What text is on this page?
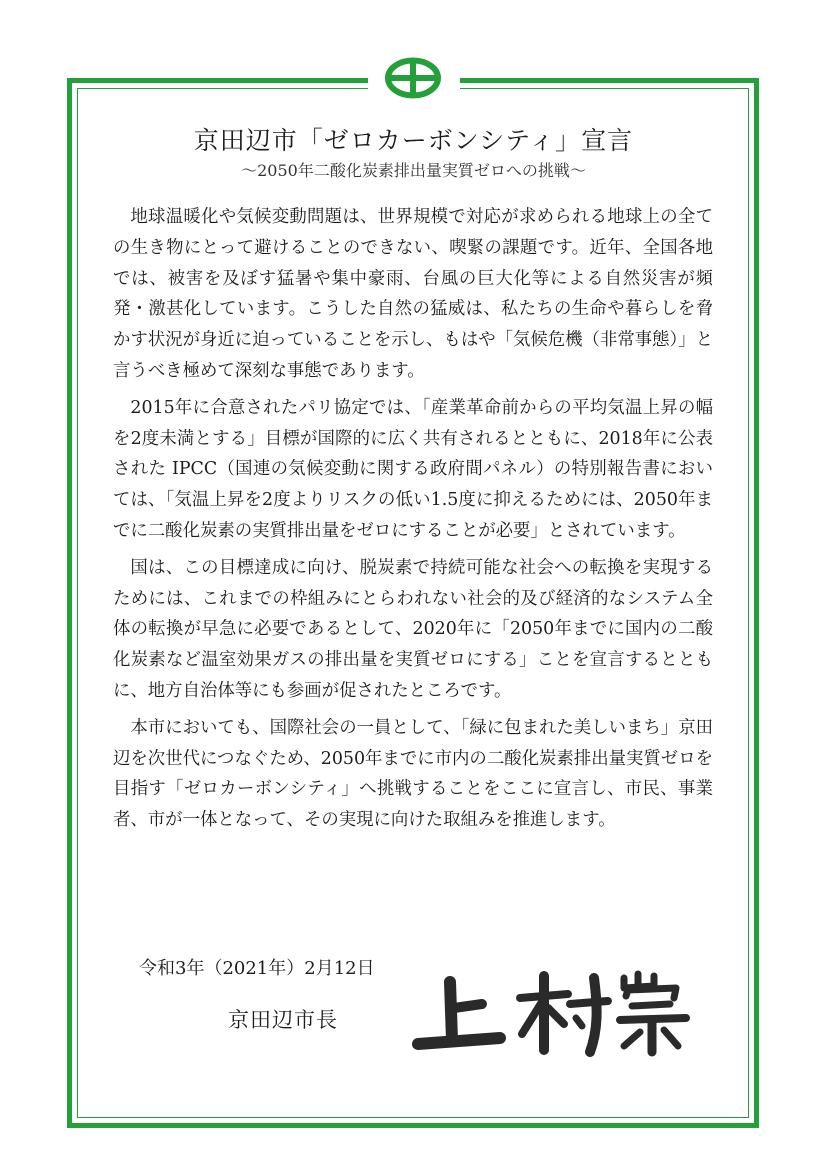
京田辺市「ゼロカーボンシティ」宣言
～2050年二酸化炭素排出量実質ゼロへの挑戦～

地球温暖化や気候変動問題は、世界規模で対応が求められる地球上の全ての生き物にとって避けることのできない、喫緊の課題です。近年、全国各地では、被害を及ぼす猛暑や集中豪雨、台風の巨大化等による自然災害が頻発・激甚化しています。こうした自然の猛威は、私たちの生命や暮らしを脅かす状況が身近に迫っていることを示し、もはや「気候危機（非常事態）」と言うべき極めて深刻な事態であります。

2015年に合意されたパリ協定では、「産業革命前からの平均気温上昇の幅を2度未満とする」目標が国際的に広く共有されるとともに、2018年に公表された IPCC（国連の気候変動に関する政府間パネル）の特別報告書においては、「気温上昇を2度よりリスクの低い1.5度に抑えるためには、2050年までに二酸化炭素の実質排出量をゼロにすることが必要」とされています。

国は、この目標達成に向け、脱炭素で持続可能な社会への転換を実現するためには、これまでの枠組みにとらわれない社会的及び経済的なシステム全体の転換が早急に必要であるとして、2020年に「2050年までに国内の二酸化炭素など温室効果ガスの排出量を実質ゼロにする」ことを宣言するとともに、地方自治体等にも参画が促されたところです。

本市においても、国際社会の一員として、「緑に包まれた美しいまち」京田辺を次世代につなぐため、2050年までに市内の二酸化炭素排出量実質ゼロを目指す「ゼロカーボンシティ」へ挑戦することをここに宣言し、市民、事業者、市が一体となって、その実現に向けた取組みを推進します。

令和3年（2021年）2月12日
京田辺市長
